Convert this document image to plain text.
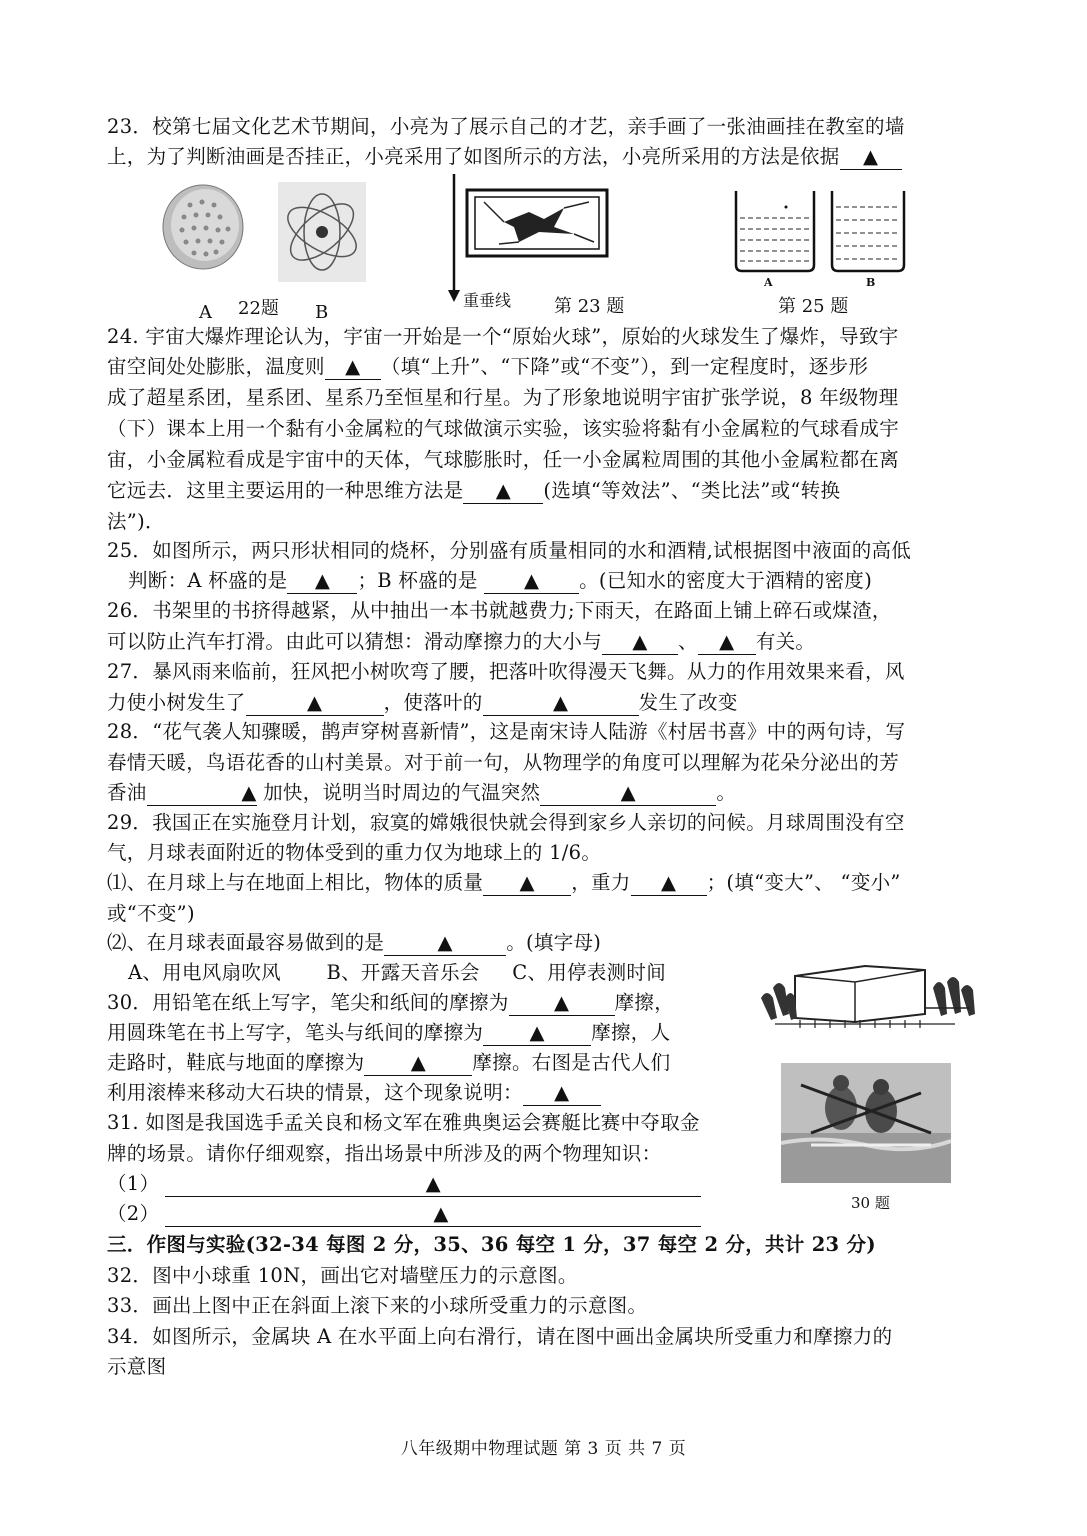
23．校第七届文化艺术节期间，小亮为了展示自己的才艺，亲手画了一张油画挂在教室的墙
上，为了判断油画是否挂正，小亮采用了如图所示的方法，小亮所采用的方法是依据 ▲
A 22题 B
重垂线 第 23 题
A	B
第 25 题
24. 宇宙大爆炸理论认为，宇宙一开始是一个“原始火球”，原始的火球发生了爆炸，导致宇
宙空间处处膨胀，温度则 ▲ （填“上升”、“下降”或“不变”），到一定程度时，逐步形
成了超星系团，星系团、星系乃至恒星和行星。为了形象地说明宇宙扩张学说，8 年级物理
（下）课本上用一个黏有小金属粒的气球做演示实验，该实验将黏有小金属粒的气球看成宇
宙，小金属粒看成是宇宙中的天体，气球膨胀时，任一小金属粒周围的其他小金属粒都在离
它远去．这里主要运用的一种思维方法是 ▲ (选填“等效法”、“类比法”或“转换
法”)．
25．如图所示，两只形状相同的烧杯，分别盛有质量相同的水和酒精,试根据图中液面的高低
判断：A 杯盛的是 ▲ ；B 杯盛的是 ▲ 。(已知水的密度大于酒精的密度)
26．书架里的书挤得越紧，从中抽出一本书就越费力;下雨天，在路面上铺上碎石或煤渣，
可以防止汽车打滑。由此可以猜想：滑动摩擦力的大小与 ▲ 、 ▲ 有关。
27．暴风雨来临前，狂风把小树吹弯了腰，把落叶吹得漫天飞舞。从力的作用效果来看，风
力使小树发生了	▲	，使落叶的	▲	发生了改变
28．“花气袭人知骤暖，鹊声穿树喜新情”，这是南宋诗人陆游《村居书喜》中的两句诗，写
春情天暖，鸟语花香的山村美景。对于前一句，从物理学的角度可以理解为花朵分泌出的芳
香油	▲ 加快，说明当时周边的气温突然	▲	。
29．我国正在实施登月计划，寂寞的嫦娥很快就会得到家乡人亲切的问候。月球周围没有空
气，月球表面附近的物体受到的重力仅为地球上的 1/6。
⑴、在月球上与在地面上相比，物体的质量 ▲ ，重力 ▲ ；(填“变大”、 “变小”
或“不变”)
⑵、在月球表面最容易做到的是	▲	。(填字母)
A、用电风扇吹风       B、开露天音乐会     C、用停表测时间
30 题
30．用铅笔在纸上写字，笔尖和纸间的摩擦为 ▲ 摩擦，
用圆珠笔在书上写字，笔头与纸间的摩擦为 ▲ 摩擦，人
走路时，鞋底与地面的摩擦为 ▲ 摩擦。右图是古代人们
利用滚棒来移动大石块的情景，这个现象说明： ▲
31. 如图是我国选手孟关良和杨文军在雅典奥运会赛艇比赛中夺取金
牌的场景。请你仔细观察，指出场景中所涉及的两个物理知识：
（1）	▲
（2）	▲
三．作图与实验(32-34 每图 2 分，35、36 每空 1 分，37 每空 2 分，共计 23 分)
32．图中小球重 10N，画出它对墙壁压力的示意图。
33．画出上图中正在斜面上滚下来的小球所受重力的示意图。
34．如图所示，金属块 A 在水平面上向右滑行，请在图中画出金属块所受重力和摩擦力的
示意图
八年级期中物理试题 第 3 页 共 7 页
